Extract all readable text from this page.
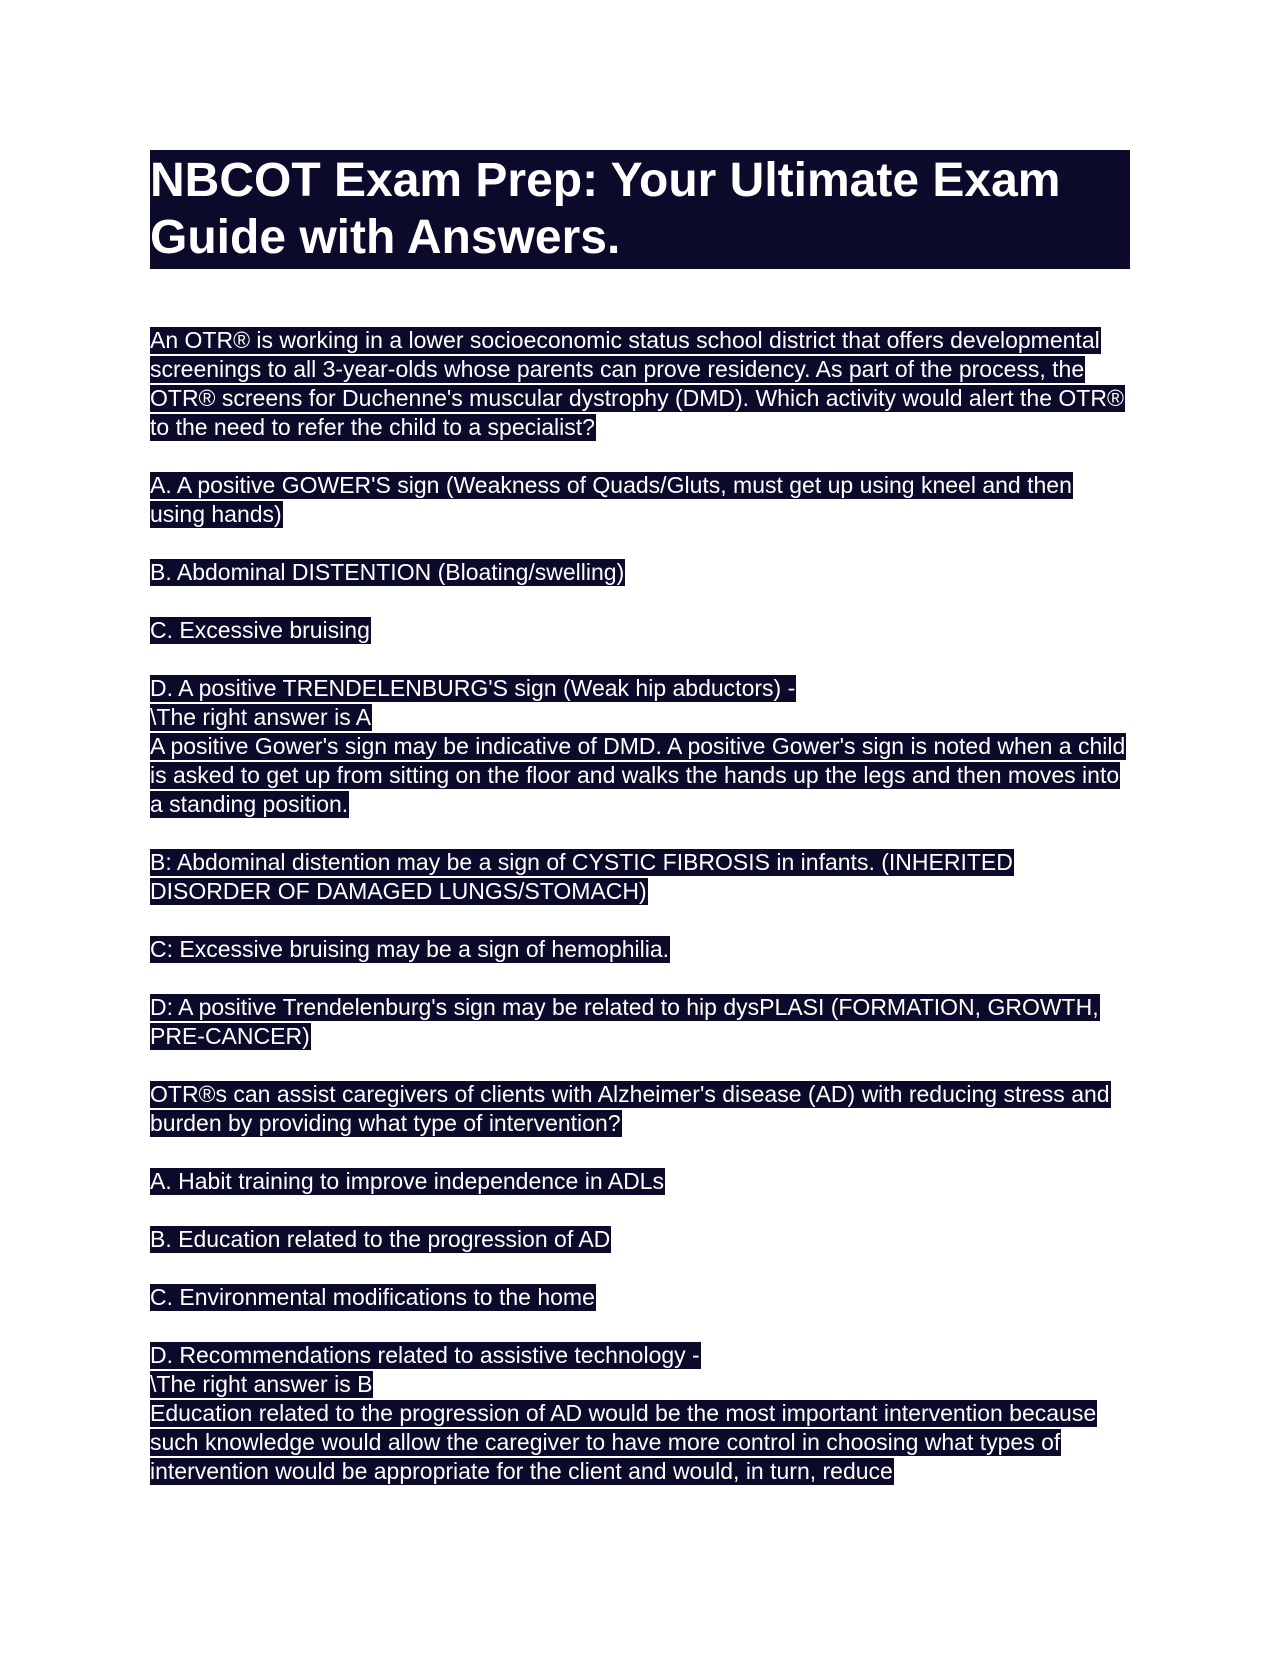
NBCOT Exam Prep: Your Ultimate Exam Guide with Answers.

An OTR® is working in a lower socioeconomic status school district that offers developmental screenings to all 3-year-olds whose parents can prove residency. As part of the process, the OTR® screens for Duchenne's muscular dystrophy (DMD). Which activity would alert the OTR® to the need to refer the child to a specialist?

A. A positive GOWER'S sign (Weakness of Quads/Gluts, must get up using kneel and then using hands)

B. Abdominal DISTENTION (Bloating/swelling)

C. Excessive bruising

D. A positive TRENDELENBURG'S sign (Weak hip abductors) -
\The right answer is A
A positive Gower's sign may be indicative of DMD. A positive Gower's sign is noted when a child is asked to get up from sitting on the floor and walks the hands up the legs and then moves into a standing position.

B: Abdominal distention may be a sign of CYSTIC FIBROSIS in infants. (INHERITED DISORDER OF DAMAGED LUNGS/STOMACH)

C: Excessive bruising may be a sign of hemophilia.

D: A positive Trendelenburg's sign may be related to hip dysPLASI (FORMATION, GROWTH, PRE-CANCER)

OTR®s can assist caregivers of clients with Alzheimer's disease (AD) with reducing stress and burden by providing what type of intervention?

A. Habit training to improve independence in ADLs

B. Education related to the progression of AD

C. Environmental modifications to the home

D. Recommendations related to assistive technology -
\The right answer is B
Education related to the progression of AD would be the most important intervention because such knowledge would allow the caregiver to have more control in choosing what types of intervention would be appropriate for the client and would, in turn, reduce
